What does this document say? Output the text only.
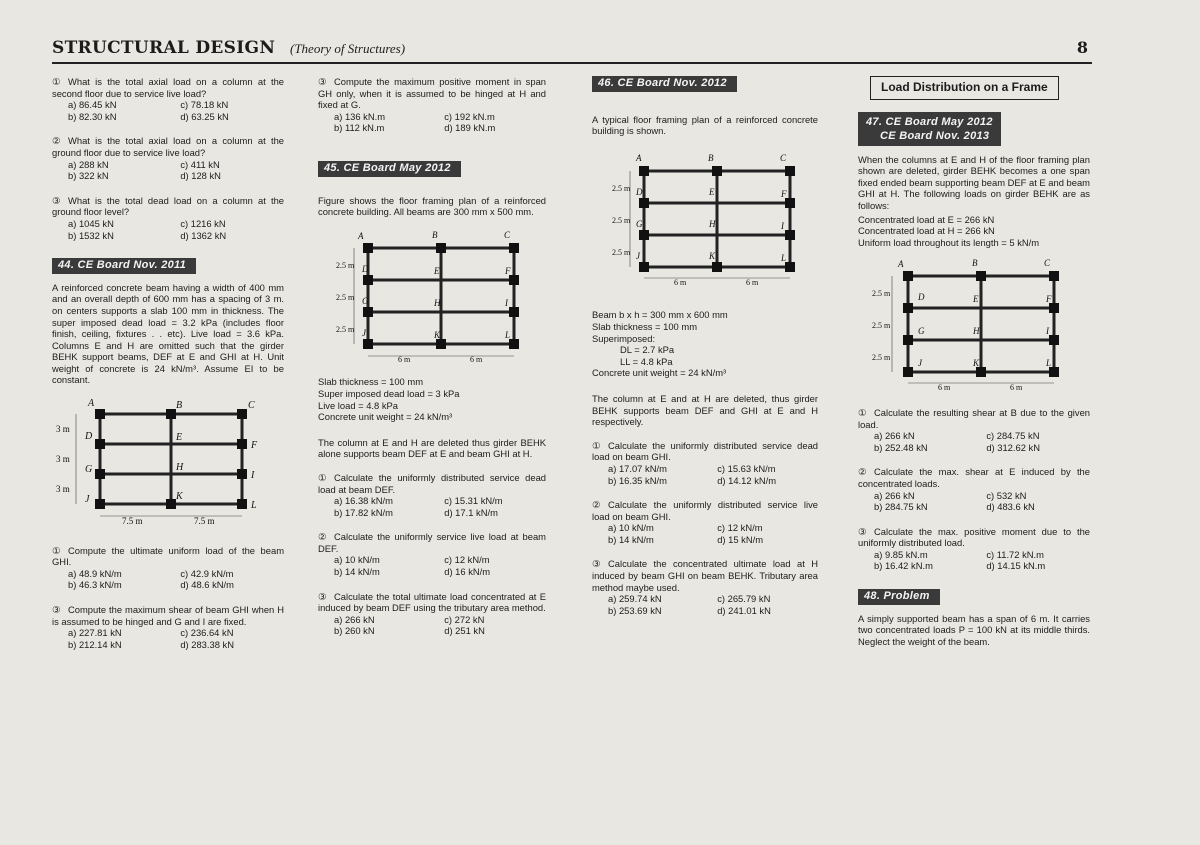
STRUCTURAL DESIGN (Theory of Structures)	8

① What is the total axial load on a column at the second floor due to service live load?

a) 86.45 kN	c) 78.18 kN
b) 82.30 kN	d) 63.25 kN

② What is the total axial load on a column at the ground floor due to service live load?

a) 288 kN	c) 411 kN
b) 322 kN	d) 128 kN

③ What is the total dead load on a column at the ground floor level?

a) 1045 kN	c) 1216 kN
b) 1532 kN	d) 1362 kN
44. CE Board Nov. 2011

A reinforced concrete beam having a width of 400 mm and an overall depth of 600 mm has a spacing of 3 m. on centers supports a slab 100 mm in thickness. The super imposed dead load = 3.2 kPa (includes floor finish, ceiling, fixtures . . etc). Live load = 3.6 kPa. Columns E and H are omitted such that the girder BEHK support beams, DEF at E and GHI at H. Unit weight of concrete is 24 kN/m³. Assume EI to be constant.

A	B	C
D	E
F
G	H
I
J	K
L
3 m
3 m
3 m
7.5 m	7.5 m

① Compute the ultimate uniform load of the beam GHI.

a) 48.9 kN/m	c) 42.9 kN/m
b) 46.3 kN/m	d) 48.6 kN/m

③ Compute the maximum shear of beam GHI when H is assumed to be hinged and G and I are fixed.

a) 227.81 kN	c) 236.64 kN
b) 212.14 kN	d) 283.38 kN

③ Compute the maximum positive moment in span GH only, when it is assumed to be hinged at H and fixed at G.

a) 136 kN.m	c) 192 kN.m
b) 112 kN.m	d) 189 kN.m
45. CE Board May 2012

Figure shows the floor framing plan of a reinforced concrete building. All beams are 300 mm x 500 mm.

A	B	C
D	E	F
G	H	I
J	K	L
2.5 m
2.5 m
2.5 m
6 m	6 m
Slab thickness = 100 mm
Super imposed dead load = 3 kPa
Live load = 4.8 kPa
Concrete unit weight = 24 kN/m³

The column at E and H are deleted thus girder BEHK alone supports beam DEF at E and beam GHI at H.

① Calculate the uniformly distributed service dead load at beam DEF.

a) 16.38 kN/m	c) 15.31 kN/m
b) 17.82 kN/m	d) 17.1 kN/m

② Calculate the uniformly service live load at beam DEF.

a) 10 kN/m	c) 12 kN/m
b) 14 kN/m	d) 16 kN/m

③ Calculate the total ultimate load concentrated at E induced by beam DEF using the tributary area method.

a) 266 kN	c) 272 kN
b) 260 kN	d) 251 kN
46. CE Board Nov. 2012

A typical floor framing plan of a reinforced concrete building is shown.

A	B	C
D	E	F
G	H	I
J	K	L
2.5 m
2.5 m
2.5 m
6 m	6 m
Beam b x h = 300 mm x 600 mm
Slab thickness = 100 mm
Superimposed:
DL = 2.7 kPa
LL = 4.8 kPa
Concrete unit weight = 24 kN/m³

The column at E and at H are deleted, thus girder BEHK supports beam DEF and GHI at E and H respectively.

① Calculate the uniformly distributed service dead load on beam GHI.

a) 17.07 kN/m	c) 15.63 kN/m
b) 16.35 kN/m	d) 14.12 kN/m

② Calculate the uniformly distributed service live load on beam GHI.

a) 10 kN/m	c) 12 kN/m
b) 14 kN/m	d) 15 kN/m

③ Calculate the concentrated ultimate load at H induced by beam GHI on beam BEHK. Tributary area method maybe used.

a) 259.74 kN	c) 265.79 kN
b) 253.69 kN	d) 241.01 kN
Load Distribution on a Frame
47. CE Board May 2012
CE Board Nov. 2013

When the columns at E and H of the floor framing plan shown are deleted, girder BEHK becomes a one span fixed ended beam supporting beam DEF at E and beam GHI at H. The following loads on girder BEHK are as follows:

Concentrated load at E = 266 kN
Concentrated load at H = 266 kN
Uniform load throughout its length = 5 kN/m
A	B	C
D	E	F
G	H	I
J	K	L
2.5 m
2.5 m
2.5 m
6 m	6 m

① Calculate the resulting shear at B due to the given load.

a) 266 kN	c) 284.75 kN
b) 252.48 kN	d) 312.62 kN

② Calculate the max. shear at E induced by the concentrated loads.

a) 266 kN	c) 532 kN
b) 284.75 kN	d) 483.6 kN

③ Calculate the max. positive moment due to the uniformly distributed load.

a) 9.85 kN.m	c) 11.72 kN.m
b) 16.42 kN.m	d) 14.15 kN.m
48. Problem

A simply supported beam has a span of 6 m. It carries two concentrated loads P = 100 kN at its middle thirds. Neglect the weight of the beam.
